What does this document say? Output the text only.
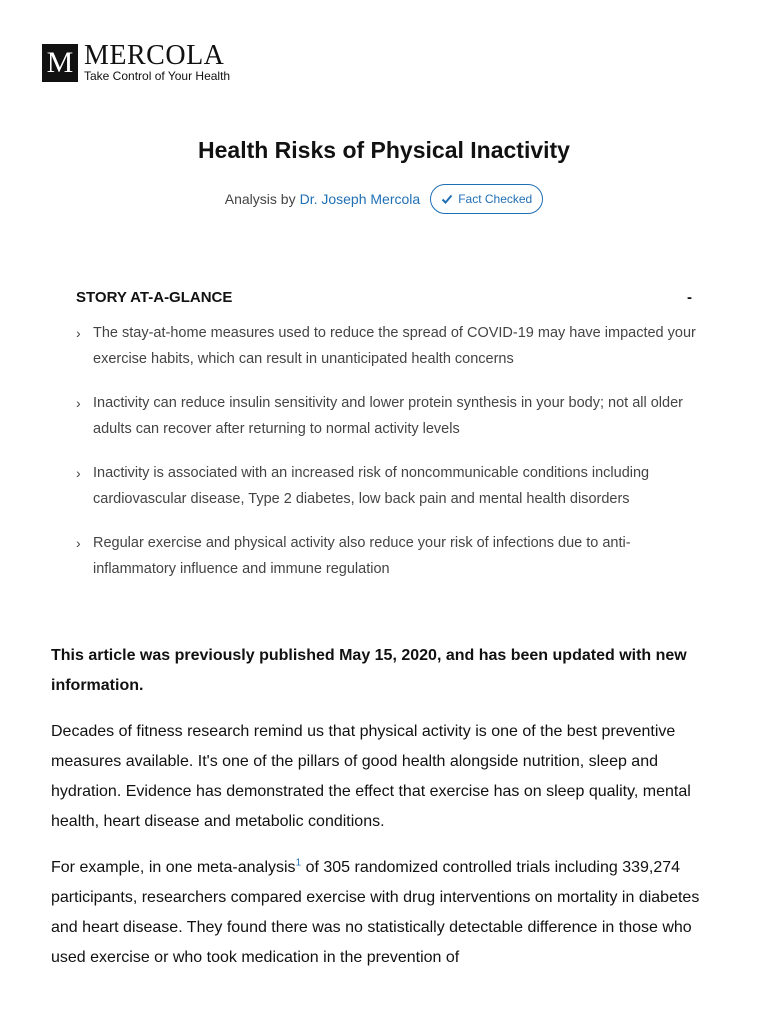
M MERCOLA
Take Control of Your Health
Health Risks of Physical Inactivity
Analysis by Dr. Joseph Mercola	Fact Checked
STORY AT-A-GLANCE	-
› The stay-at-home measures used to reduce the spread of COVID-19 may have impacted your exercise habits, which can result in unanticipated health concerns
› Inactivity can reduce insulin sensitivity and lower protein synthesis in your body; not all older adults can recover after returning to normal activity levels
› Inactivity is associated with an increased risk of noncommunicable conditions including cardiovascular disease, Type 2 diabetes, low back pain and mental health disorders
› Regular exercise and physical activity also reduce your risk of infections due to anti-inflammatory influence and immune regulation

This article was previously published May 15, 2020, and has been updated with new information.

Decades of fitness research remind us that physical activity is one of the best preventive measures available. It's one of the pillars of good health alongside nutrition, sleep and hydration. Evidence has demonstrated the effect that exercise has on sleep quality, mental health, heart disease and metabolic conditions.

For example, in one meta-analysis$^1$ of 305 randomized controlled trials including 339,274 participants, researchers compared exercise with drug interventions on mortality in diabetes and heart disease. They found there was no statistically detectable difference in those who used exercise or who took medication in the prevention of
